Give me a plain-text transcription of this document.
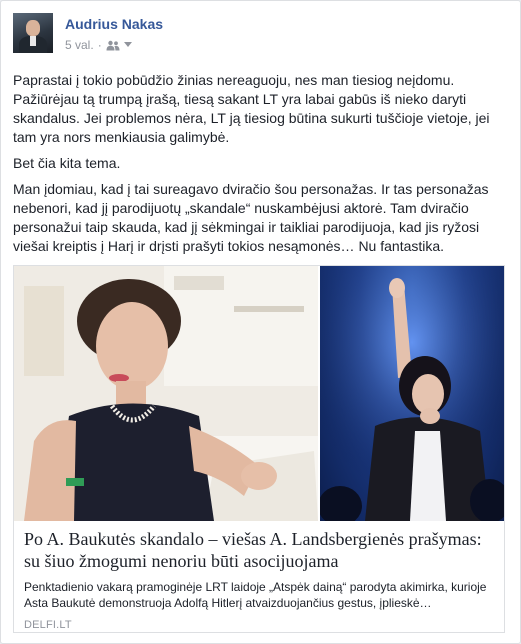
Audrius Nakas
5 val. ·

Paprastai į tokio pobūdžio žinias nereaguoju, nes man tiesiog neįdomu. Pažiūrėjau tą trumpą įrašą, tiesą sakant LT yra labai gabūs iš nieko daryti skandalus. Jei problemos nėra, LT ją tiesiog būtina sukurti tuščioje vietoje, jei tam yra nors menkiausia galimybė.

Bet čia kita tema.

Man įdomiau, kad į tai sureagavo dviračio šou personažas. Ir tas personažas nebenori, kad jį parodijuotų „skandale“ nuskambėjusi aktorė. Tam dviračio personažui taip skauda, kad jį sėkmingai ir taikliai parodijuoja, kad jis ryžosi viešai kreiptis į Harį ir drįsti prašyti tokios nesąmonės… Nu fantastika.

Po A. Baukutės skandalo – viešas A. Landsbergienės prašymas: su šiuo žmogumi nenoriu būti asocijuojama
Penktadienio vakarą pramoginėje LRT laidoje „Atspėk dainą“ parodyta akimirka, kurioje Asta Baukutė demonstruoja Adolfą Hitlerį atvaizduojančius gestus, įplieskė…
DELFI.LT
